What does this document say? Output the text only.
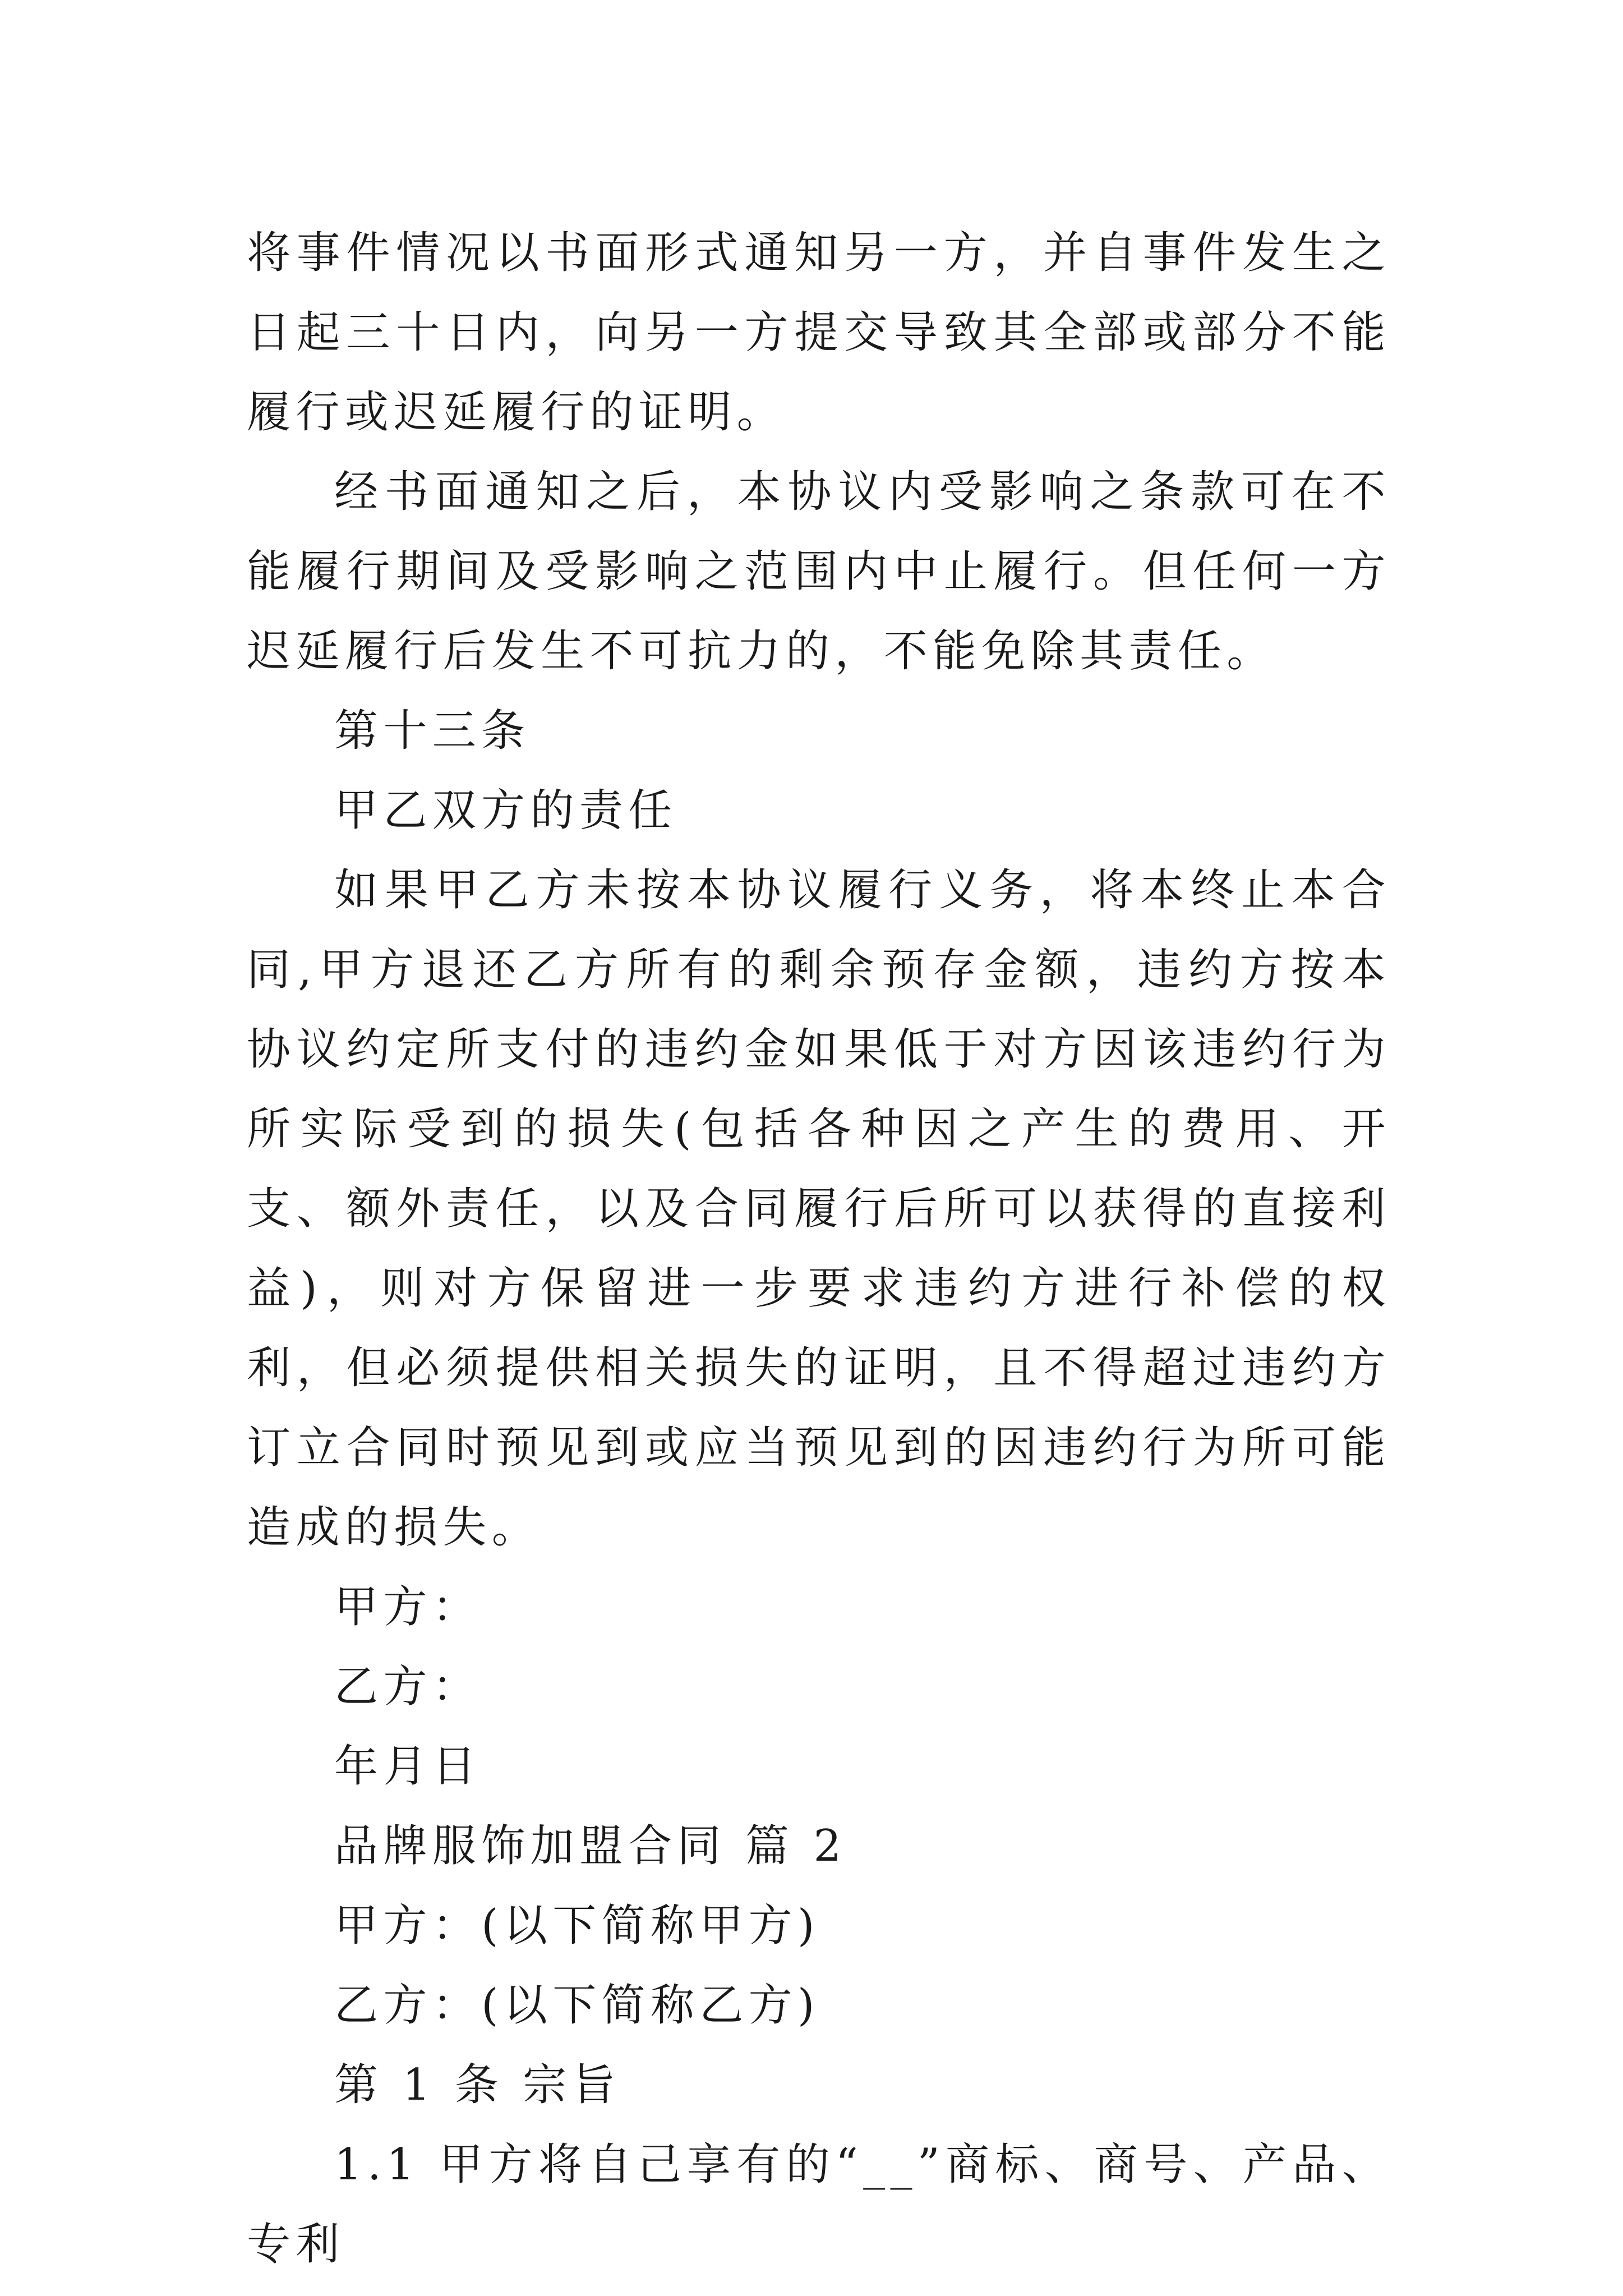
将事件情况以书面形式通知另一方，并自事件发生之日起三十日内，向另一方提交导致其全部或部分不能履行或迟延履行的证明。

经书面通知之后，本协议内受影响之条款可在不能履行期间及受影响之范围内中止履行。但任何一方迟延履行后发生不可抗力的，不能免除其责任。

第十三条

甲乙双方的责任

如果甲乙方未按本协议履行义务，将本终止本合同,甲方退还乙方所有的剩余预存金额，违约方按本协议约定所支付的违约金如果低于对方因该违约行为所实际受到的损失(包括各种因之产生的费用、开支、额外责任，以及合同履行后所可以获得的直接利益)，则对方保留进一步要求违约方进行补偿的权利，但必须提供相关损失的证明，且不得超过违约方订立合同时预见到或应当预见到的因违约行为所可能造成的损失。

甲方：

乙方：

年月日

品牌服饰加盟合同 篇 2

甲方：(以下简称甲方)

乙方：(以下简称乙方)

第 1 条 宗旨

1.1 甲方将自己享有的“__”商标、商号、产品、专利
